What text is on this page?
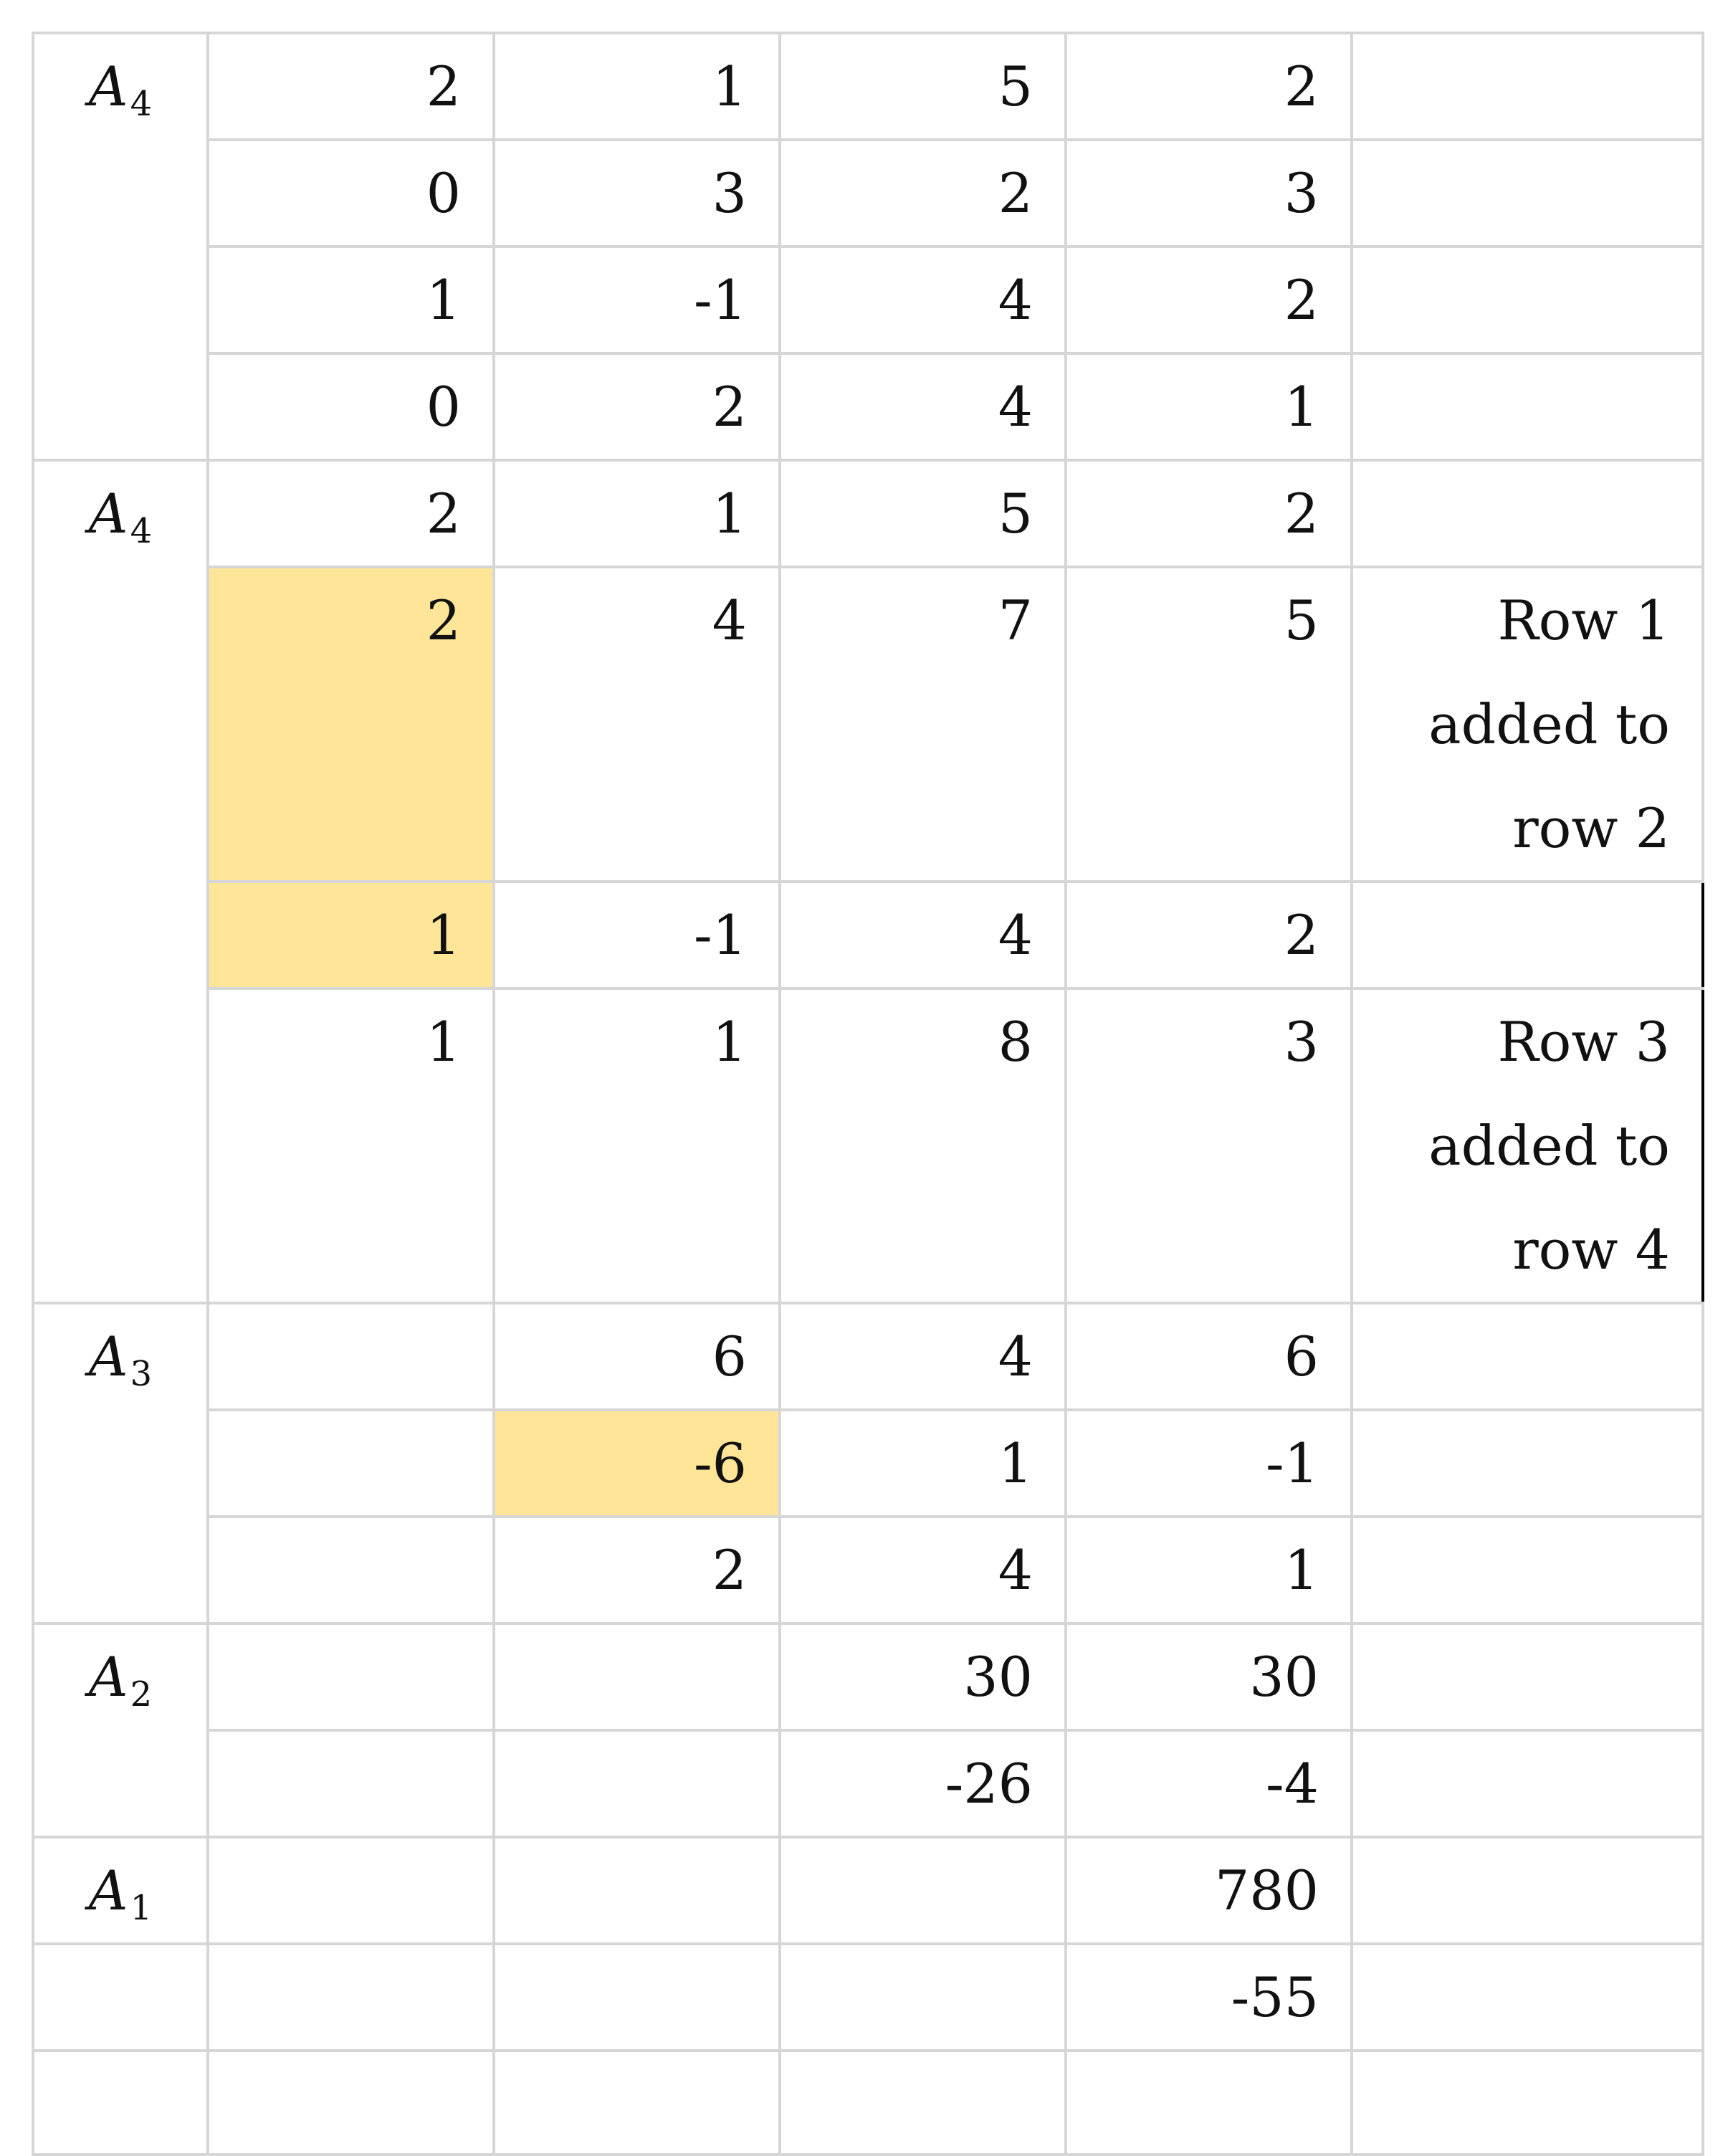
$A_4$	2	1	5	2	
	0	3	2	3	
	1	-1	4	2	
	0	2	4	1	
$A_4$	2	1	5	2	
	2	4	7	5	Row 1
added to
row 2

	1	-1	4	2	
	1	1	8	3	Row 3
added to
row 4

$A_3$		6	4	6	
		-6	1	-1	
		2	4	1	
$A_2$			30	30	
			-26	-4	
$A_1$				780	
				-55	
